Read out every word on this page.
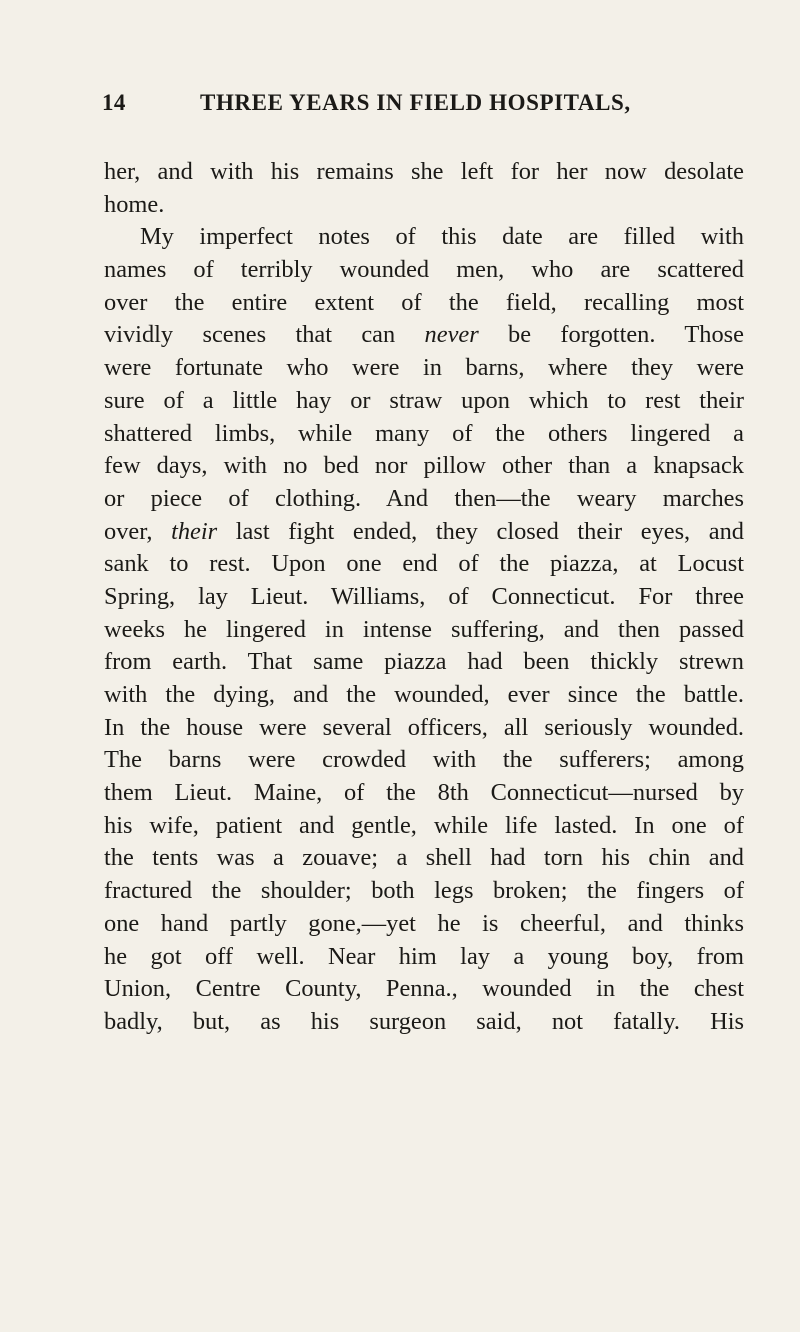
14	THREE YEARS IN FIELD HOSPITALS,
her, and with his remains she left for her now desolate
home.
My imperfect notes of this date are filled with
names of terribly wounded men, who are scattered
over the entire extent of the field, recalling most
vividly scenes that can never be forgotten. Those
were fortunate who were in barns, where they were
sure of a little hay or straw upon which to rest their
shattered limbs, while many of the others lingered a
few days, with no bed nor pillow other than a knapsack
or piece of clothing. And then—the weary marches
over, their last fight ended, they closed their eyes, and
sank to rest. Upon one end of the piazza, at Locust
Spring, lay Lieut. Williams, of Connecticut. For three
weeks he lingered in intense suffering, and then passed
from earth. That same piazza had been thickly strewn
with the dying, and the wounded, ever since the battle.
In the house were several officers, all seriously wounded.
The barns were crowded with the sufferers; among
them Lieut. Maine, of the 8th Connecticut—nursed by
his wife, patient and gentle, while life lasted. In one of
the tents was a zouave; a shell had torn his chin and
fractured the shoulder; both legs broken; the fingers of
one hand partly gone,—yet he is cheerful, and thinks
he got off well. Near him lay a young boy, from
Union, Centre County, Penna., wounded in the chest
badly, but, as his surgeon said, not fatally. His
